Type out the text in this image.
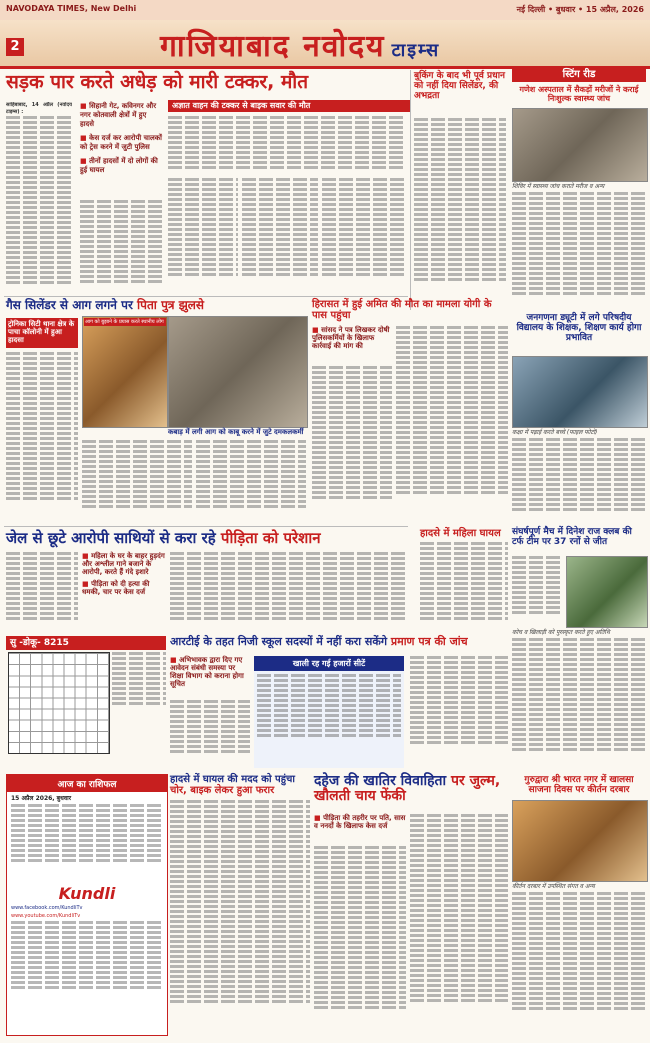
NAVODAYA TIMES, New Delhi	नई दिल्ली • बुधवार • 15 अप्रैल, 2026
2	गाजियाबाद नवोदय टाइम्स
सड़क पार करते अधेड़ को मारी टक्कर, मौत
साहिबाबाद, 14 अप्रैल (नवोदय टाइम्स) :
■ सिहानी गेट, कविनगर और नगर कोतवाली क्षेत्रों में हुए हादसे
■ केस दर्ज कर आरोपी चालकों को ट्रेस करने में जुटी पुलिस
■ तीनों हादसों में दो लोगों की हुई घायल
अज्ञात वाहन की टक्कर से बाइक सवार की मौत
बुकिंग के बाद भी पूर्व प्रधान को नहीं दिया सिलेंडर, की अभद्रता
स्टिंग रीड
गणेश अस्पताल में सैकड़ों मरीजों ने कराई निःशुल्क स्वास्थ्य जांच
शिविर में स्वास्थ्य जांच कराते मरीज व अन्य
गैस सिलेंडर से आग लगने पर पिता पुत्र झुलसे
ट्रोनिका सिटी थाना क्षेत्र के पाचा कॉलोनी में हुआ हादसा
आग को बुझाने के प्रयास करते स्थानीय लोग
कबाड़ में लगी आग को काबू करने में जुटे दमकलकर्मी
हिरासत में हुई अमित की मौत का मामला योगी के पास पहुंचा
■ सांसद ने पत्र लिखकर दोषी पुलिसकर्मियों के खिलाफ कार्रवाई की मांग की
जनगणना ड्यूटी में लगे परिषदीय विद्यालय के शिक्षक, शिक्षण कार्य होगा प्रभावित
कक्षा में पढ़ाई करते बच्चे (फाइल फोटो)
जेल से छूटे आरोपी साथियों से करा रहे पीड़िता को परेशान
■ महिला के घर के बाहर हुड़दंग और अश्लील गाने बजाने के आरोपी, करते हैं गंदे इशारे
■ पीड़िता को दी हत्या की धमकी, चार पर केस दर्ज
हादसे में महिला घायल	संघर्षपूर्ण मैच में दिनेश राज क्लब की टर्फ टीम पर 37 रनों से जीत
कोच व खिलाड़ी को पुरस्कृत करते हुए अतिथि
सु -डोकू- 8215	आरटीई के तहत निजी स्कूल सदस्यों में नहीं करा सकेंगे प्रमाण पत्र की जांच
■ अभिभावक द्वारा दिए गए आवेदन संबंधी समस्या पर शिक्षा विभाग को कराना होगा सूचित
खाली रह गई हजारों सीटें
आज का राशिफल
15 अप्रैल 2026, बुधवार
Kundli
www.facebook.com/KundliTv
www.youtube.com/KundliTv
हादसे में घायल की मदद को पहुंचा चोर, बाइक लेकर हुआ फरार
दहेज की खातिर विवाहिता पर जुल्म, खौलती चाय फेंकी
■ पीड़िता की तहरीर पर पति, सास व ननदों के खिलाफ केस दर्ज
गुरुद्वारा श्री भारत नगर में खालसा साजना दिवस पर कीर्तन दरबार
कीर्तन दरबार में उपस्थित संगत व अन्य
